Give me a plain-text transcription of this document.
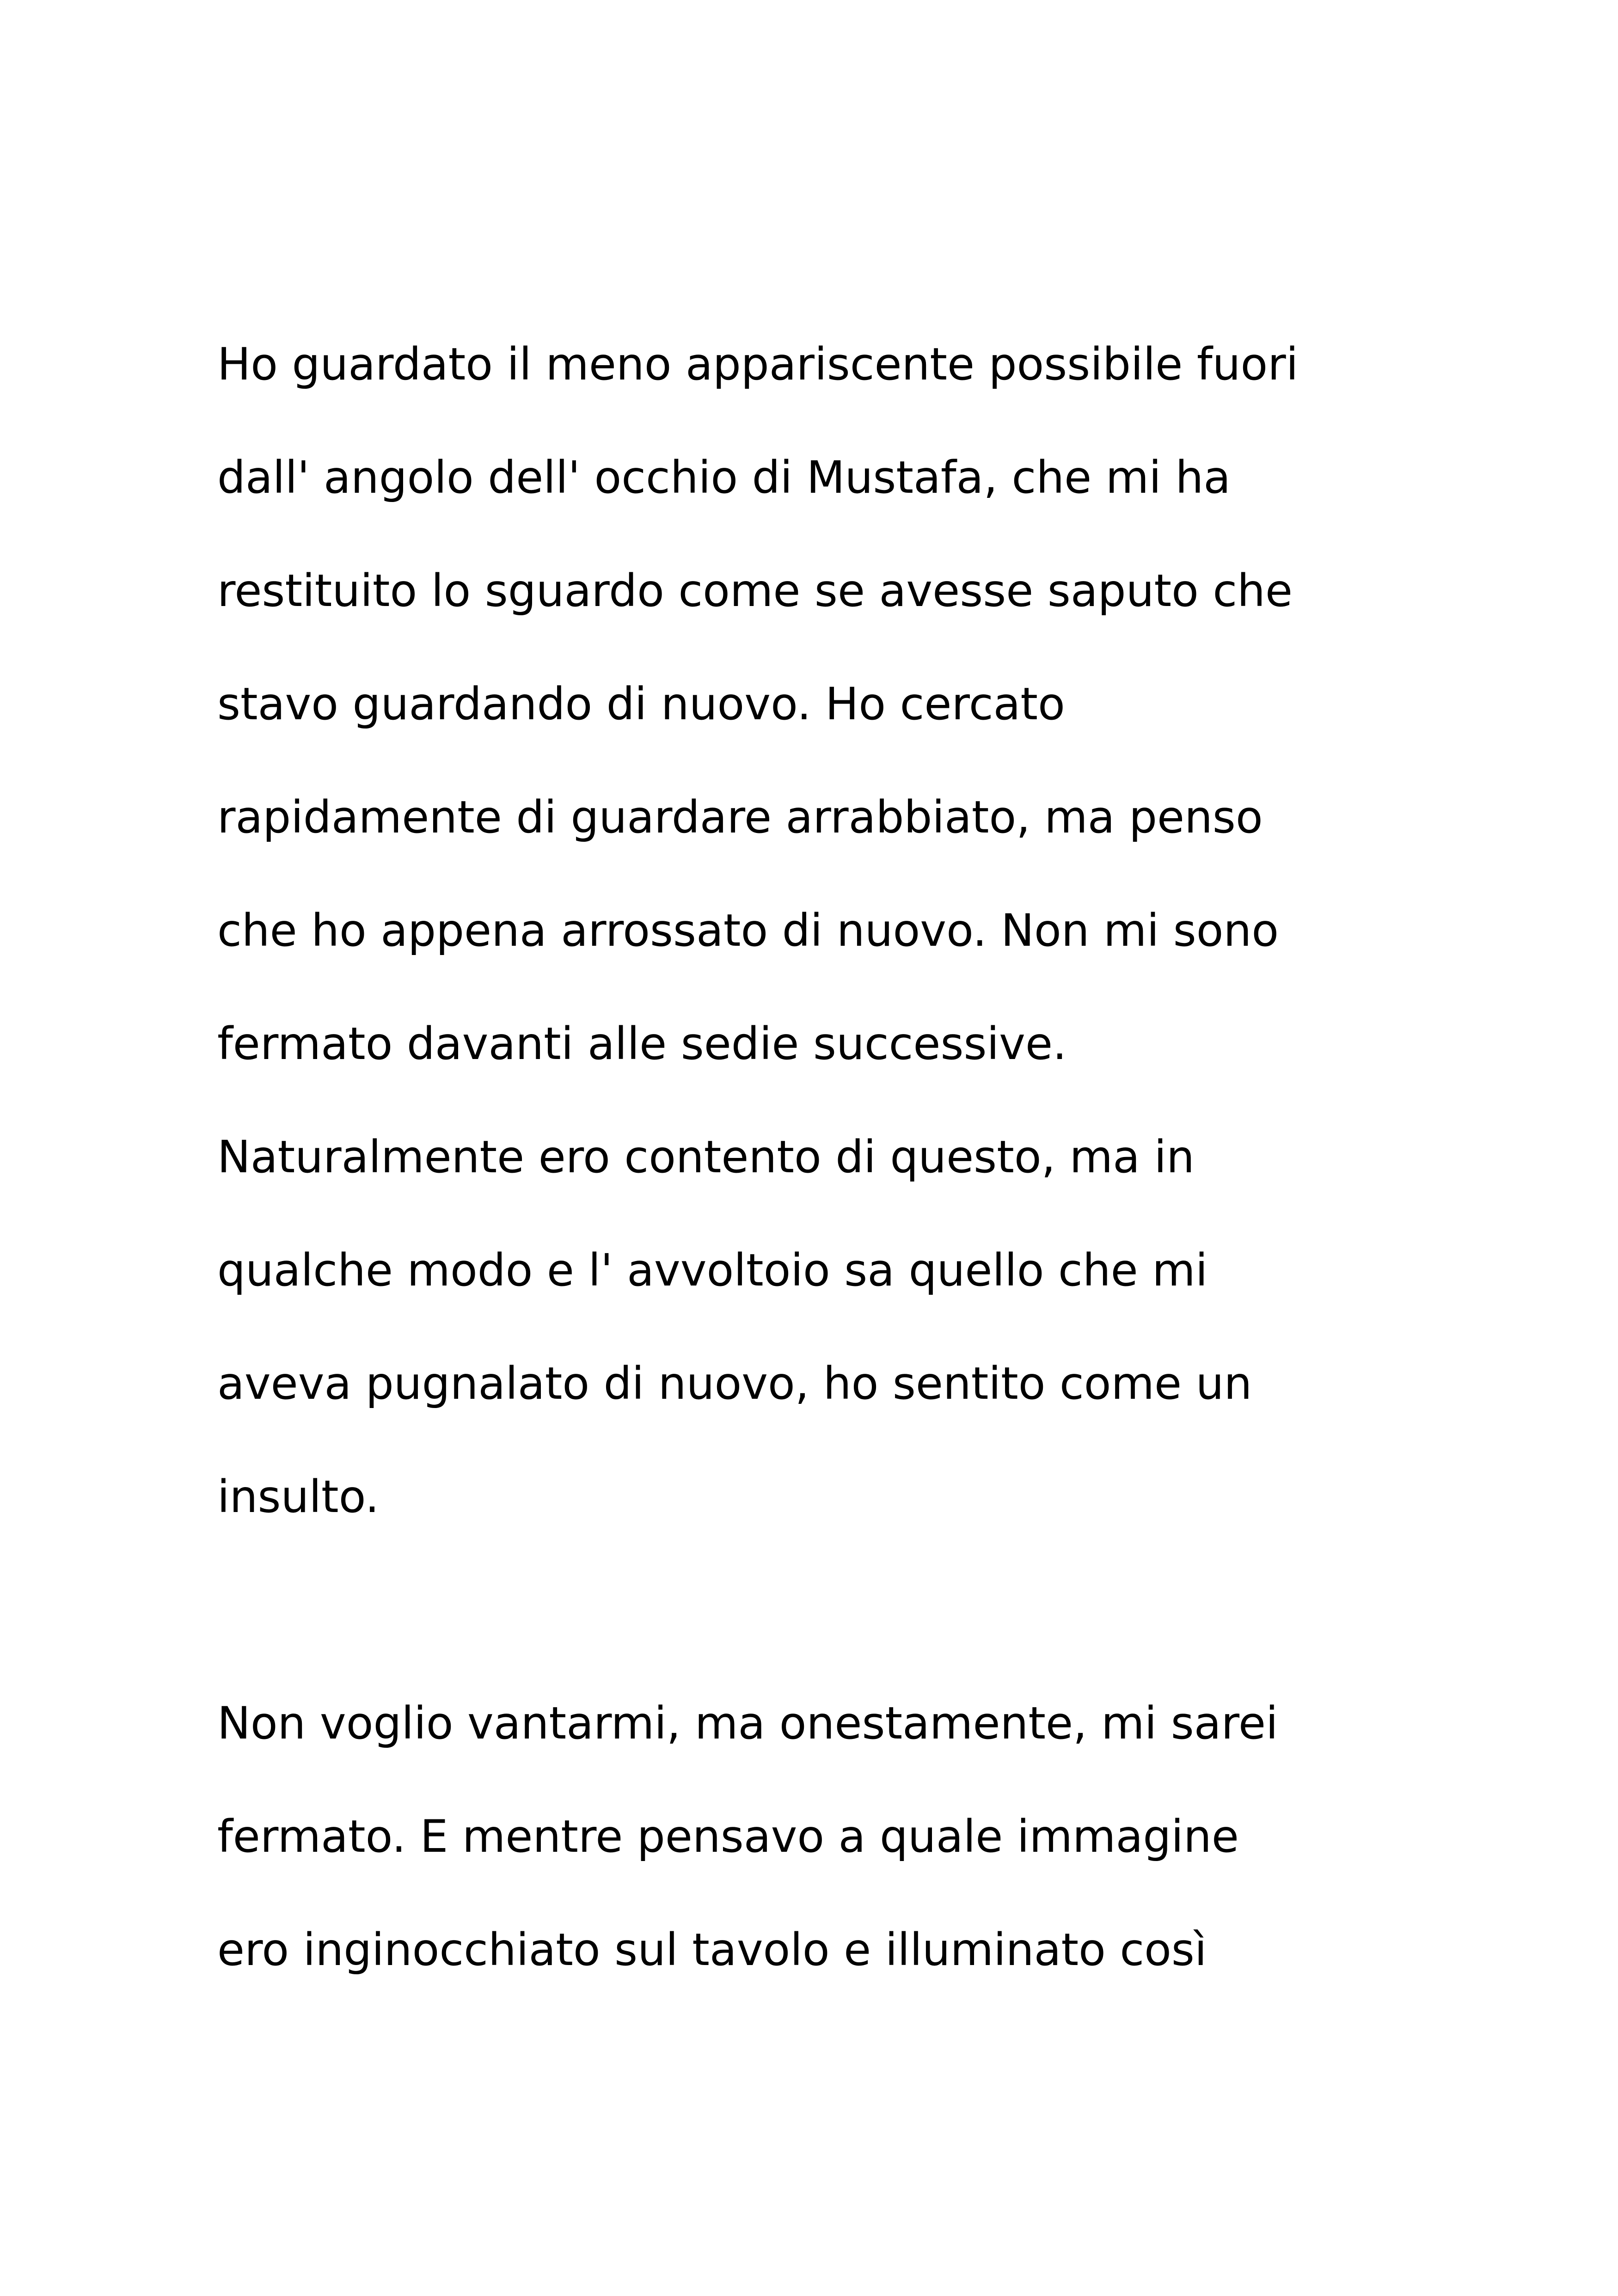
Ho guardato il meno appariscente possibile fuori
dall' angolo dell' occhio di Mustafa, che mi ha
restituito lo sguardo come se avesse saputo che
stavo guardando di nuovo. Ho cercato
rapidamente di guardare arrabbiato, ma penso
che ho appena arrossato di nuovo. Non mi sono
fermato davanti alle sedie successive.
Naturalmente ero contento di questo, ma in
qualche modo e l' avvoltoio sa quello che mi
aveva pugnalato di nuovo, ho sentito come un
insulto.
Non voglio vantarmi, ma onestamente, mi sarei
fermato. E mentre pensavo a quale immagine
ero inginocchiato sul tavolo e illuminato così
